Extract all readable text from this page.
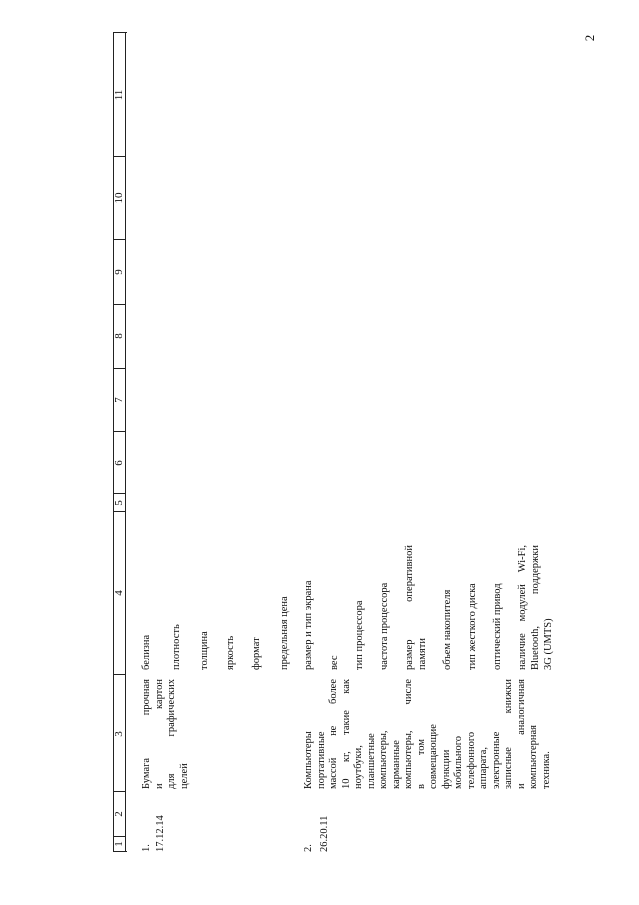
2
1
2
3
4
5
6
7
8
9
10
11
1. 17.12.14
Бумага прочная и картон для графических целей
белизна плотность толщина яркость формат предельная цена
2. 26.20.11
Компьютеры портативные массой не более 10 кг, такие как ноутбуки, планшетные компьютеры, карманные компьютеры, числе в том совмещающие функции мобильного телефонного аппарата, электронные записные книжки и аналогичная компьютерная техника.
размер и тип экрана вес тип процессора частота процессора размер оперативной памяти объем накопителя тип жесткого диска оптический привод наличие модулей Wi-Fi, Bluetooth, поддержки 3G (UMTS)
